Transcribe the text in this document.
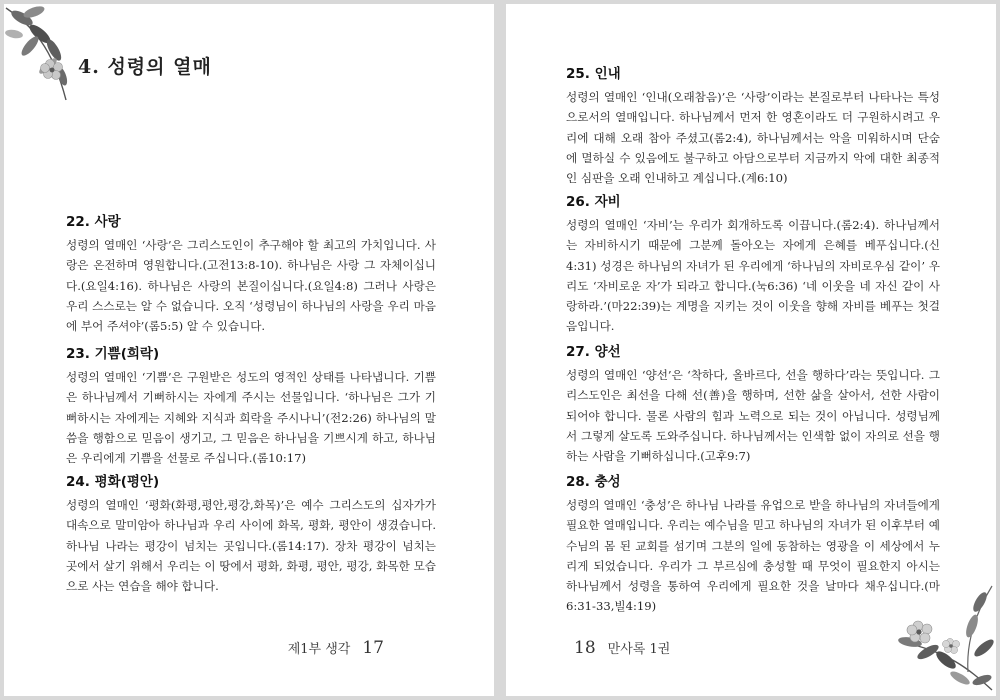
4. 성령의 열매
22. 사랑

성령의 열매인 ‘사랑’은 그리스도인이 추구해야 할 최고의 가치입니다. 사랑은 온전하며 영원합니다.(고전13:8-10). 하나님은 사랑 그 자체이십니다.(요일4:16). 하나님은 사랑의 본질이십니다.(요일4:8) 그러나 사랑은 우리 스스로는 알 수 없습니다. 오직 ‘성령님이 하나님의 사랑을 우리 마음에 부어 주셔야’(롬5:5) 알 수 있습니다.

23. 기쁨(희락)

성령의 열매인 ‘기쁨’은 구원받은 성도의 영적인 상태를 나타냅니다. 기쁨은 하나님께서 기뻐하시는 자에게 주시는 선물입니다. ‘하나님은 그가 기뻐하시는 자에게는 지혜와 지식과 희락을 주시나니’(전2:26) 하나님의 말씀을 행함으로 믿음이 생기고, 그 믿음은 하나님을 기쁘시게 하고, 하나님은 우리에게 기쁨을 선물로 주십니다.(롬10:17)

24. 평화(평안)

성령의 열매인 ‘평화(화평,평안,평강,화목)’은 예수 그리스도의 십자가가 대속으로 말미암아 하나님과 우리 사이에 화목, 평화, 평안이 생겼습니다. 하나님 나라는 평강이 넘치는 곳입니다.(롬14:17). 장차 평강이 넘치는 곳에서 살기 위해서 우리는 이 땅에서 평화, 화평, 평안, 평강, 화목한 모습으로 사는 연습을 해야 합니다.

제1부 생각 17
25. 인내

성령의 열매인 ‘인내(오래참음)’은 ‘사랑’이라는 본질로부터 나타나는 특성으로서의 열매입니다. 하나님께서 먼저 한 영혼이라도 더 구원하시려고 우리에 대해 오래 참아 주셨고(롬2:4), 하나님께서는 악을 미워하시며 단숨에 멸하실 수 있음에도 불구하고 아담으로부터 지금까지 악에 대한 최종적인 심판을 오래 인내하고 계십니다.(계6:10)

26. 자비

성령의 열매인 ‘자비’는 우리가 회개하도록 이끕니다.(롬2:4). 하나님께서는 자비하시기 때문에 그분께 돌아오는 자에게 은혜를 베푸십니다.(신4:31) 성경은 하나님의 자녀가 된 우리에게 ‘하나님의 자비로우심 같이’ 우리도 ‘자비로운 자’가 되라고 합니다.(눅6:36) ‘네 이웃을 네 자신 같이 사랑하라.’(마22:39)는 계명을 지키는 것이 이웃을 향해 자비를 베푸는 첫걸음입니다.

27. 양선

성령의 열매인 ‘양선’은 ‘착하다, 올바르다, 선을 행하다’라는 뜻입니다. 그리스도인은 최선을 다해 선(善)을 행하며, 선한 삶을 살아서, 선한 사람이 되어야 합니다. 물론 사람의 힘과 노력으로 되는 것이 아닙니다. 성령님께서 그렇게 살도록 도와주십니다. 하나님께서는 인색함 없이 자의로 선을 행하는 사람을 기뻐하십니다.(고후9:7)

28. 충성

성령의 열매인 ‘충성’은 하나님 나라를 유업으로 받을 하나님의 자녀들에게 필요한 열매입니다. 우리는 예수님을 믿고 하나님의 자녀가 된 이후부터 예수님의 몸 된 교회를 섬기며 그분의 일에 동참하는 영광을 이 세상에서 누리게 되었습니다. 우리가 그 부르심에 충성할 때 무엇이 필요한지 아시는 하나님께서 성령을 통하여 우리에게 필요한 것을 날마다 채우십니다.(마6:31-33,빌4:19)

18 만사록 1권
